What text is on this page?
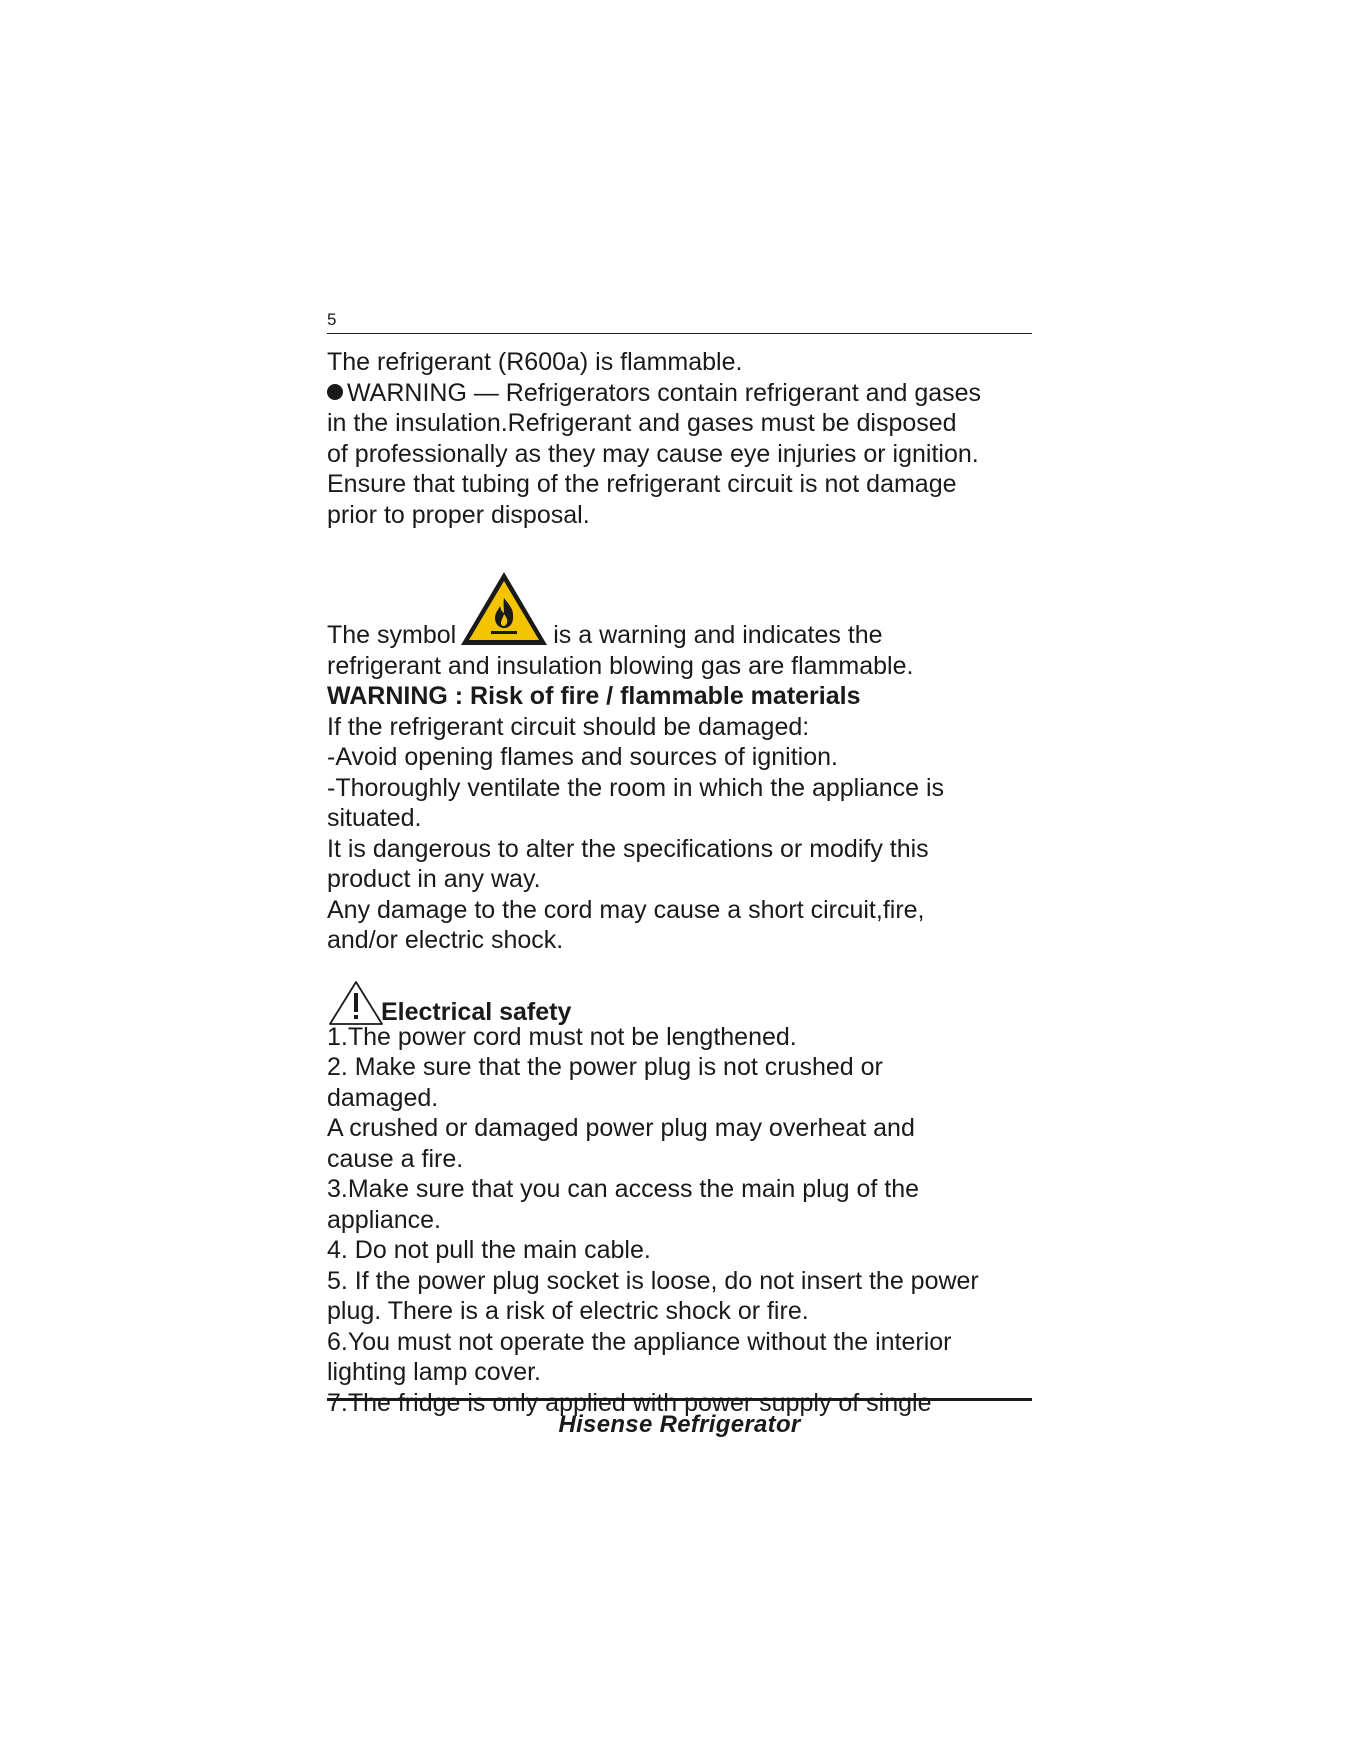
5
The refrigerant (R600a) is flammable.
WARNING — Refrigerators contain refrigerant and gases
in the insulation.Refrigerant and gases must be disposed
of professionally as they may cause eye injuries or ignition.
Ensure that tubing of the refrigerant circuit is not damage
prior to proper disposal.
The symbol	is a warning and indicates the
refrigerant and insulation blowing gas are flammable.
WARNING : Risk of fire / flammable materials
If the refrigerant circuit should be damaged:
-Avoid opening flames and sources of ignition.
-Thoroughly ventilate the room in which the appliance is
situated.
It is dangerous to alter the specifications or modify this
product in any way.
Any damage to the cord may cause a short circuit,fire,
and/or electric shock.
Electrical safety
1.The power cord must not be lengthened.
2. Make sure that the power plug is not crushed or
damaged.
A crushed or damaged power plug may overheat and
cause a fire.
3.Make sure that you can access the main plug of the
appliance.
4. Do not pull the main cable.
5. If the power plug socket is loose, do not insert the power
plug. There is a risk of electric shock or fire.
6.You must not operate the appliance without the interior
lighting lamp cover.
7.The fridge is only applied with power supply of single
Hisense Refrigerator
